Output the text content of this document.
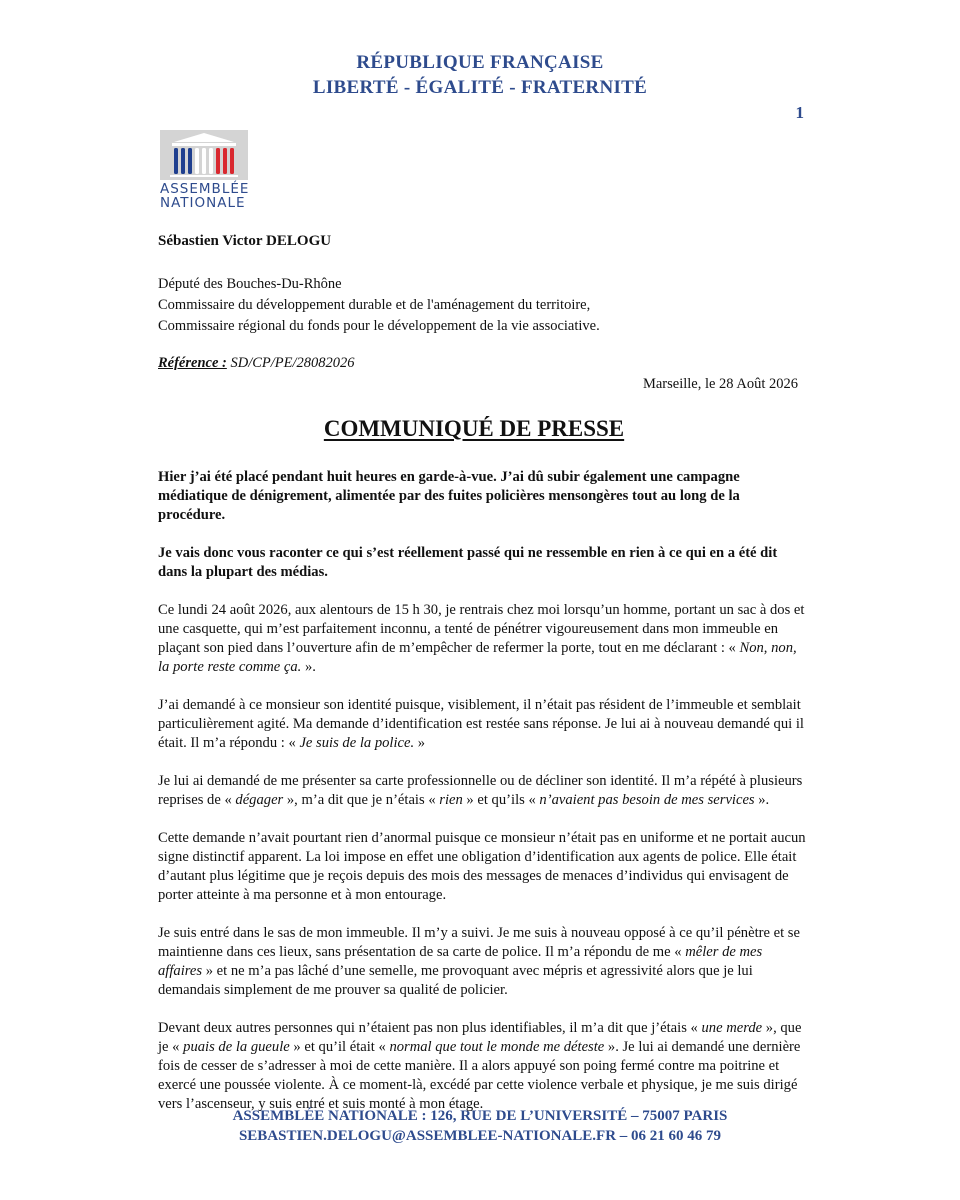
RÉPUBLIQUE FRANÇAISE
LIBERTÉ - ÉGALITÉ - FRATERNITÉ
1
ASSEMBLÉE
NATIONALE
Sébastien Victor DELOGU
Député des Bouches-Du-Rhône
Commissaire du développement durable et de l'aménagement du territoire,
Commissaire régional du fonds pour le développement de la vie associative.
Référence : SD/CP/PE/28082026
Marseille, le 28 Août 2026
COMMUNIQUÉ DE PRESSE

Hier j’ai été placé pendant huit heures en garde-à-vue. J’ai dû subir également une campagne médiatique de dénigrement, alimentée par des fuites policières mensongères tout au long de la procédure.

Je vais donc vous raconter ce qui s’est réellement passé qui ne ressemble en rien à ce qui en a été dit dans la plupart des médias.

Ce lundi 24 août 2026, aux alentours de 15 h 30, je rentrais chez moi lorsqu’un homme, portant un sac à dos et une casquette, qui m’est parfaitement inconnu, a tenté de pénétrer vigoureusement dans mon immeuble en plaçant son pied dans l’ouverture afin de m’empêcher de refermer la porte, tout en me déclarant : « Non, non, la porte reste comme ça. ».

J’ai demandé à ce monsieur son identité puisque, visiblement, il n’était pas résident de l’immeuble et semblait particulièrement agité. Ma demande d’identification est restée sans réponse. Je lui ai à nouveau demandé qui il était. Il m’a répondu : « Je suis de la police. »

Je lui ai demandé de me présenter sa carte professionnelle ou de décliner son identité. Il m’a répété à plusieurs reprises de « dégager », m’a dit que je n’étais « rien » et qu’ils « n’avaient pas besoin de mes services ».

Cette demande n’avait pourtant rien d’anormal puisque ce monsieur n’était pas en uniforme et ne portait aucun signe distinctif apparent. La loi impose en effet une obligation d’identification aux agents de police. Elle était d’autant plus légitime que je reçois depuis des mois des messages de menaces d’individus qui envisagent de porter atteinte à ma personne et à mon entourage.

Je suis entré dans le sas de mon immeuble. Il m’y a suivi. Je me suis à nouveau opposé à ce qu’il pénètre et se maintienne dans ces lieux, sans présentation de sa carte de police. Il m’a répondu de me « mêler de mes affaires » et ne m’a pas lâché d’une semelle, me provoquant avec mépris et agressivité alors que je lui demandais simplement de me prouver sa qualité de policier.

Devant deux autres personnes qui n’étaient pas non plus identifiables, il m’a dit que j’étais « une merde », que je « puais de la gueule » et qu’il était « normal que tout le monde me déteste ». Je lui ai demandé une dernière fois de cesser de s’adresser à moi de cette manière. Il a alors appuyé son poing fermé contre ma poitrine et exercé une poussée violente. À ce moment-là, excédé par cette violence verbale et physique, je me suis dirigé vers l’ascenseur, y suis entré et suis monté à mon étage.

ASSEMBLÉE NATIONALE : 126, RUE DE L’UNIVERSITÉ – 75007 PARIS
SEBASTIEN.DELOGU@ASSEMBLEE-NATIONALE.FR – 06 21 60 46 79
